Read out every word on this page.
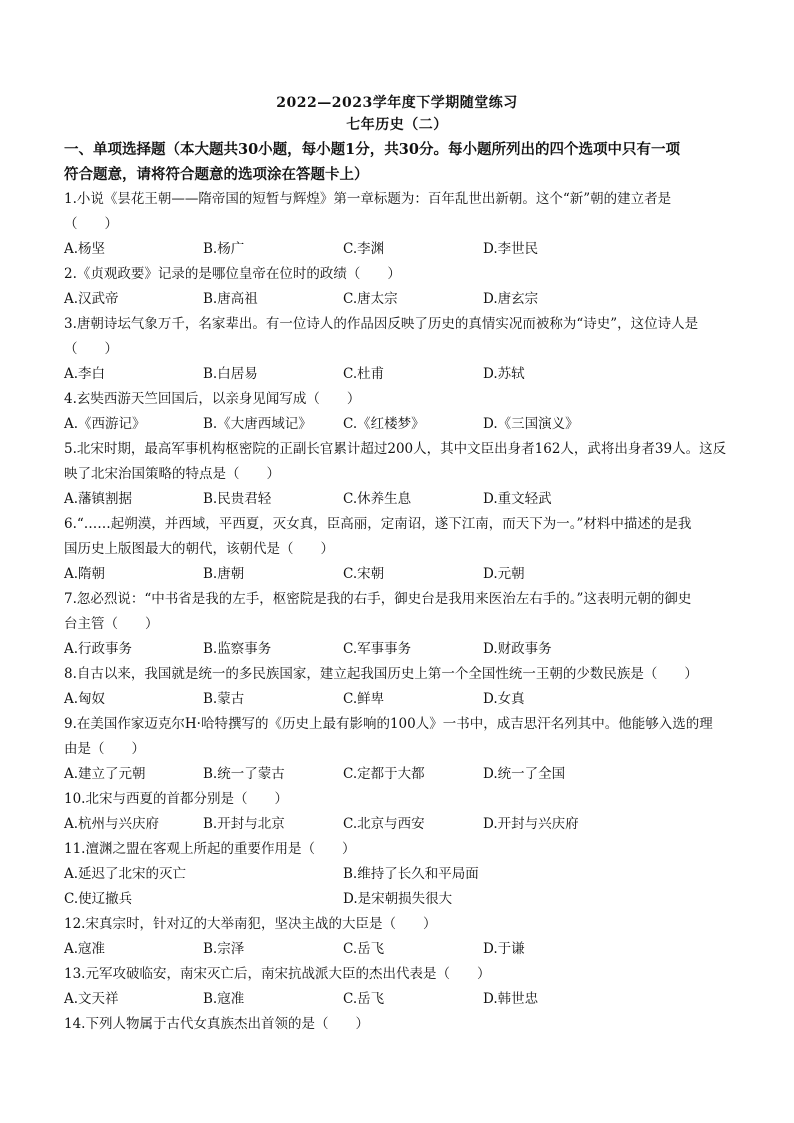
2022—2023学年度下学期随堂练习
七年历史（二）
一、单项选择题（本大题共30小题，每小题1分，共30分。每小题所列出的四个选项中只有一项
符合题意，请将符合题意的选项涂在答题卡上）
1.小说《昙花王朝——隋帝国的短暂与辉煌》第一章标题为：百年乱世出新朝。这个“新”朝的建立者是
（　　）
A.杨坚	B.杨广	C.李渊	D.李世民
2.《贞观政要》记录的是哪位皇帝在位时的政绩（　　）
A.汉武帝	B.唐高祖	C.唐太宗	D.唐玄宗
3.唐朝诗坛气象万千，名家辈出。有一位诗人的作品因反映了历史的真情实况而被称为“诗史”，这位诗人是
（　　）
A.李白	B.白居易	C.杜甫	D.苏轼
4.玄奘西游天竺回国后，以亲身见闻写成（　　）
A.《西游记》	B.《大唐西域记》 C.《红楼梦》	D.《三国演义》
5.北宋时期，最高军事机构枢密院的正副长官累计超过200人，其中文臣出身者162人，武将出身者39人。这反
映了北宋治国策略的特点是（　　）
A.藩镇割据	B.民贵君轻	C.休养生息	D.重文轻武
6.“……起朔漠，并西域，平西夏，灭女真，臣高丽，定南诏，遂下江南，而天下为一。”材料中描述的是我
国历史上版图最大的朝代，该朝代是（　　）
A.隋朝	B.唐朝	C.宋朝	D.元朝
7.忽必烈说：“中书省是我的左手，枢密院是我的右手，御史台是我用来医治左右手的。”这表明元朝的御史
台主管（　　）
A.行政事务	B.监察事务	C.军事事务	D.财政事务
8.自古以来，我国就是统一的多民族国家，建立起我国历史上第一个全国性统一王朝的少数民族是（　　）
A.匈奴	B.蒙古	C.鲜卑	D.女真
9.在美国作家迈克尔H·哈特撰写的《历史上最有影响的100人》一书中，成吉思汗名列其中。他能够入选的理
由是（　　）
A.建立了元朝	B.统一了蒙古	C.定都于大都	D.统一了全国
10.北宋与西夏的首都分别是（　　）
A.杭州与兴庆府	B.开封与北京	C.北京与西安	D.开封与兴庆府
11.澶渊之盟在客观上所起的重要作用是（　　）
A.延迟了北宋的灭亡	B.维持了长久和平局面
C.使辽撤兵	D.是宋朝损失很大
12.宋真宗时，针对辽的大举南犯，坚决主战的大臣是（　　）
A.寇准	B.宗泽	C.岳飞	D.于谦
13.元军攻破临安，南宋灭亡后，南宋抗战派大臣的杰出代表是（　　）
A.文天祥	B.寇准	C.岳飞	D.韩世忠
14.下列人物属于古代女真族杰出首领的是（　　）
